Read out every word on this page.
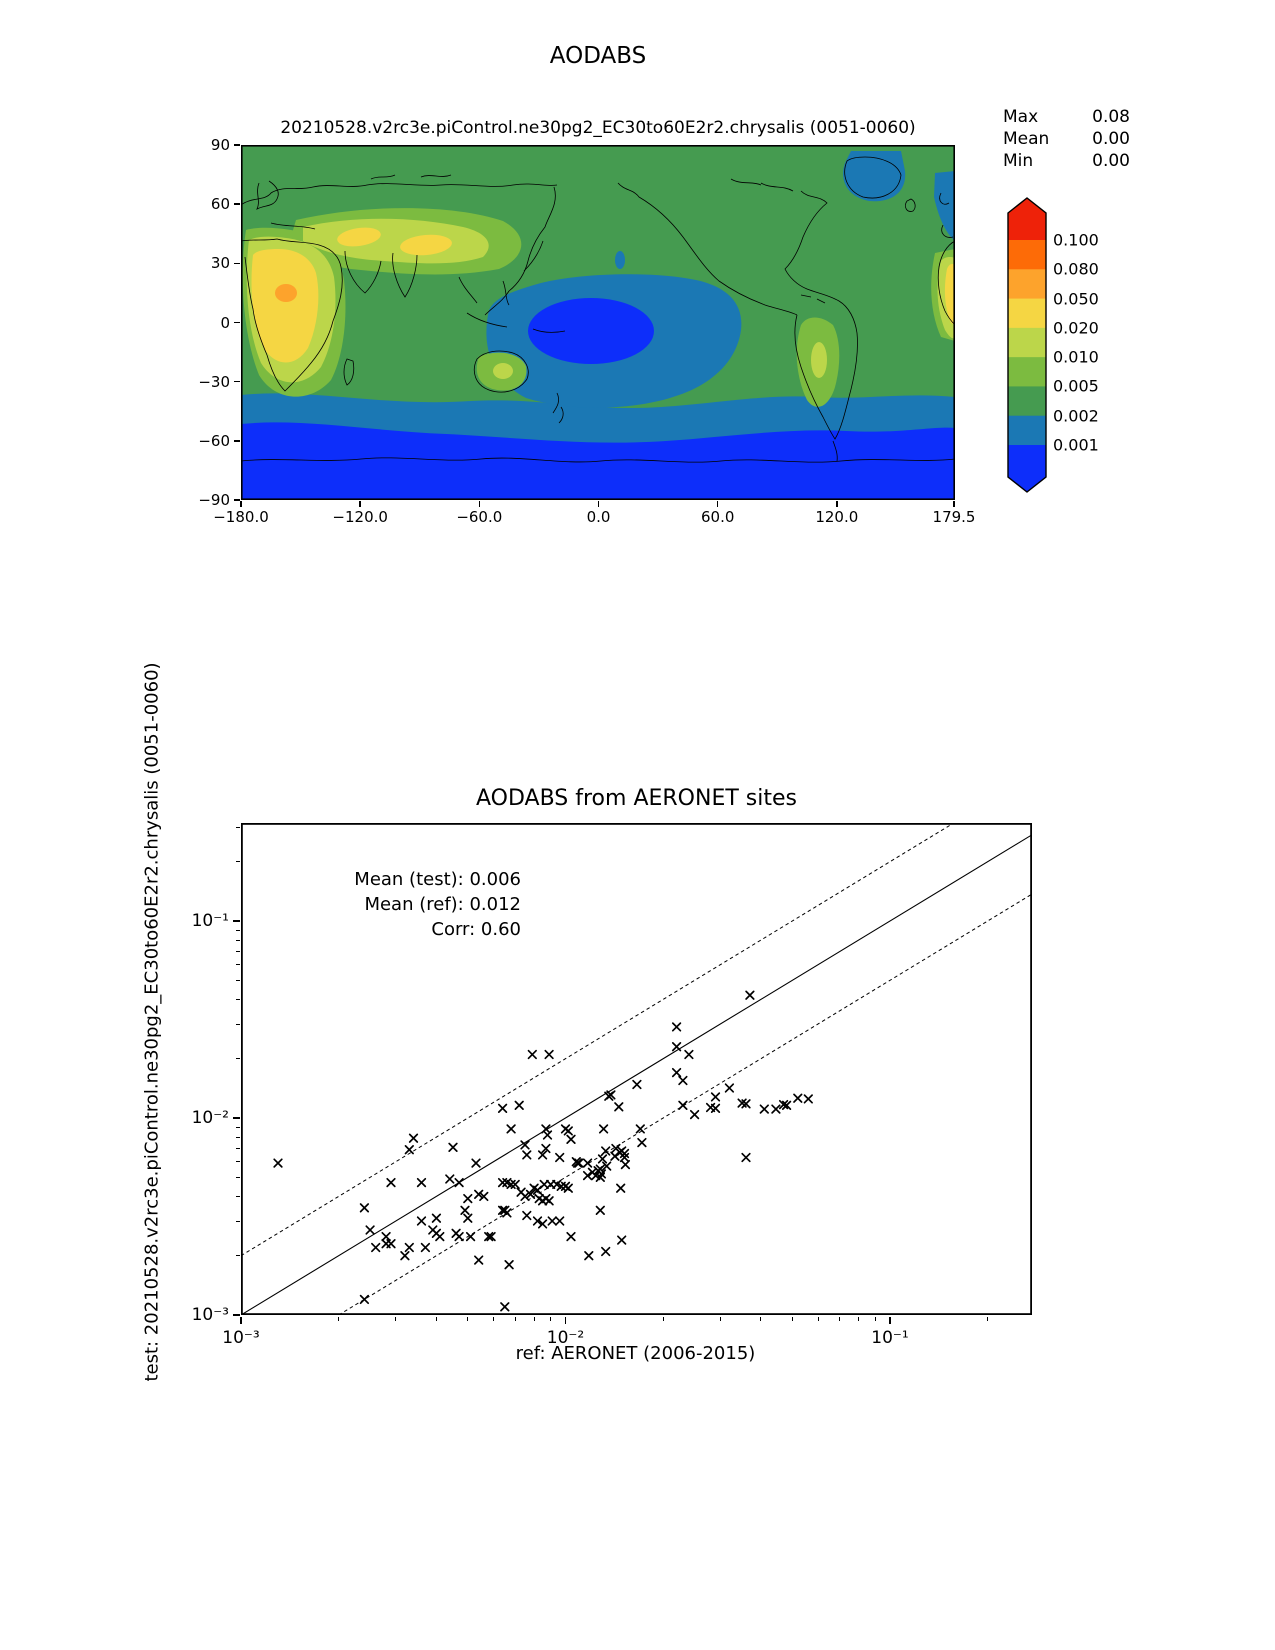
AODABS
20210528.v2rc3e.piControl.ne30pg2_EC30to60E2r2.chrysalis (0051-0060)
Max	0.08
Mean	0.00
Min	0.00
AODABS from AERONET sites
Mean (test): 0.006
Mean (ref): 0.012
Corr: 0.60
ref: AERONET (2006-2015)
test: 20210528.v2rc3e.piControl.ne30pg2_EC30to60E2r2.chrysalis (0051-0060)
−180.0	−120.0	−60.0	0.0	60.0	120.0	179.5
90
60
30
0
−30
−60
−90
0.100
0.080
0.050
0.020
0.010
0.005
0.002
0.001
10⁻³	10⁻²	10⁻¹
10⁻³
10⁻²
10⁻¹
